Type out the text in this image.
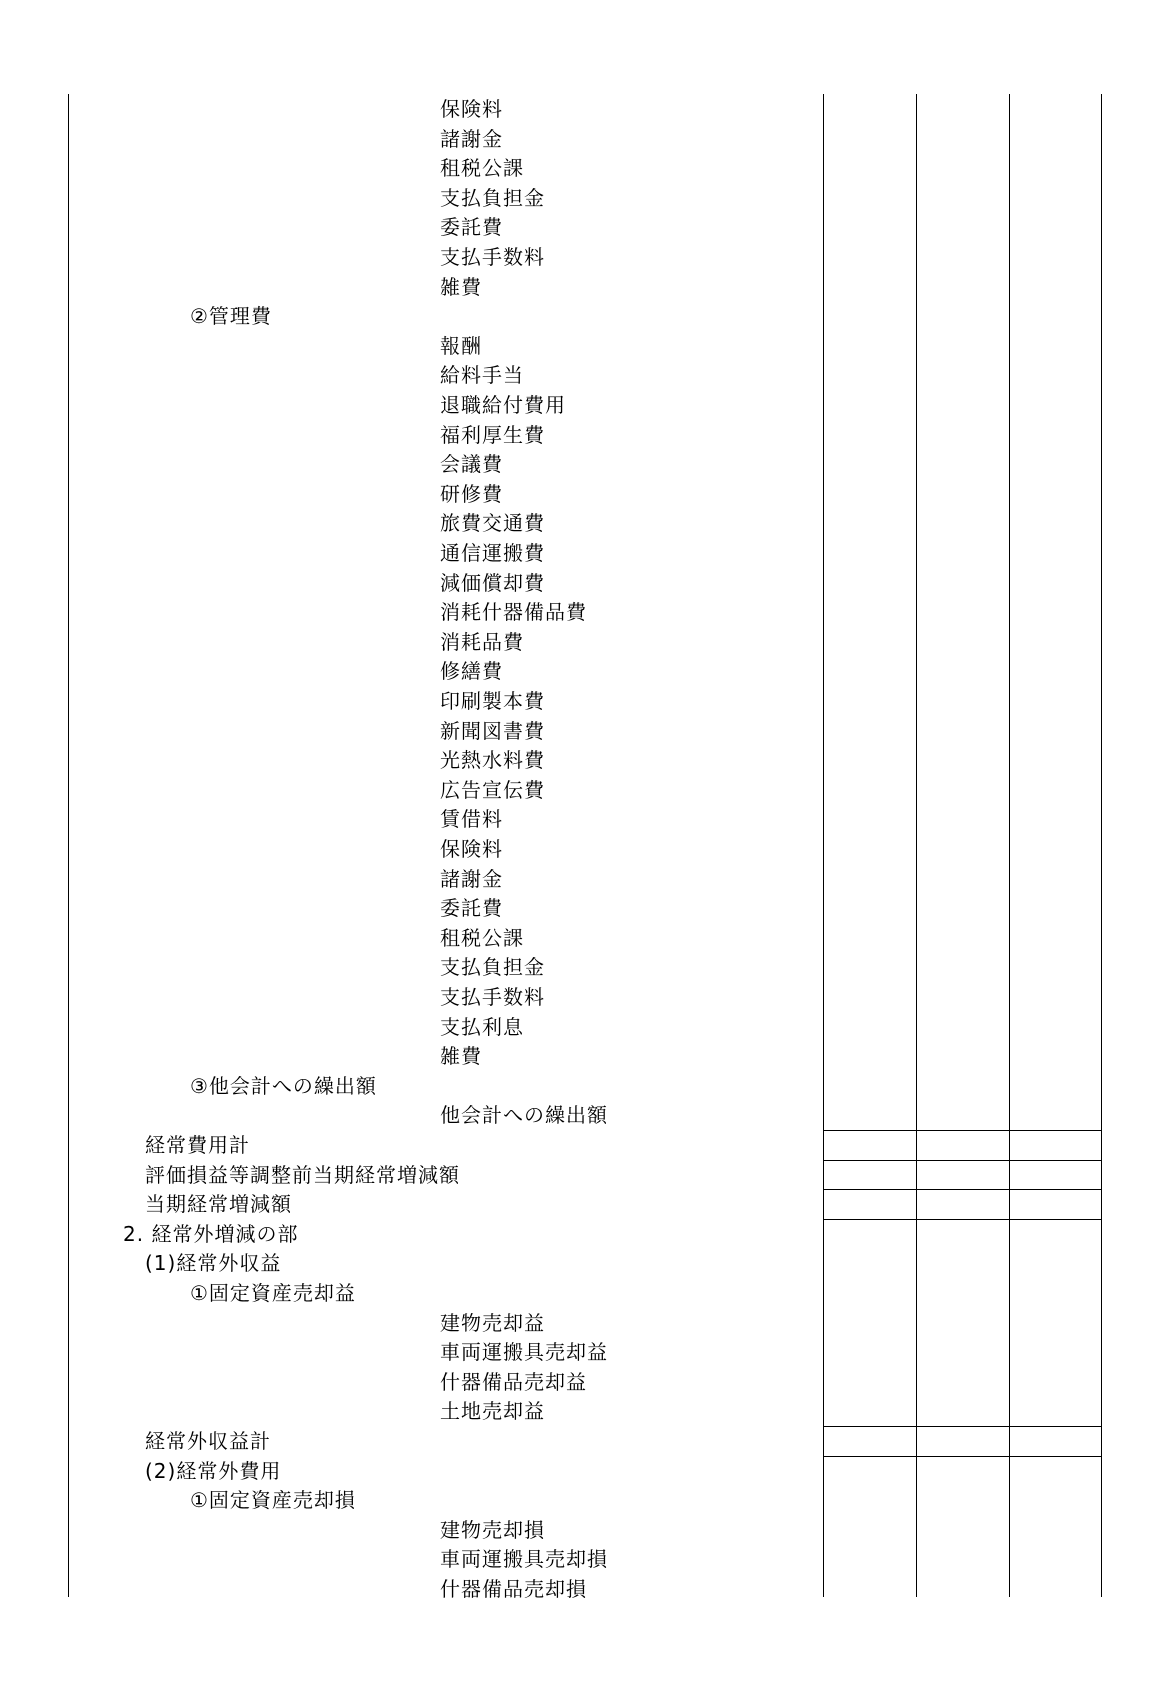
保険料
諸謝金
租税公課
支払負担金
委託費
支払手数料
雑費
②管理費
報酬
給料手当
退職給付費用
福利厚生費
会議費
研修費
旅費交通費
通信運搬費
減価償却費
消耗什器備品費
消耗品費
修繕費
印刷製本費
新聞図書費
光熱水料費
広告宣伝費
賃借料
保険料
諸謝金
委託費
租税公課
支払負担金
支払手数料
支払利息
雑費
③他会計への繰出額
他会計への繰出額
経常費用計
評価損益等調整前当期経常増減額
当期経常増減額
2. 経常外増減の部
(1)経常外収益
①固定資産売却益
建物売却益
車両運搬具売却益
什器備品売却益
土地売却益
経常外収益計
(2)経常外費用
①固定資産売却損
建物売却損
車両運搬具売却損
什器備品売却損
